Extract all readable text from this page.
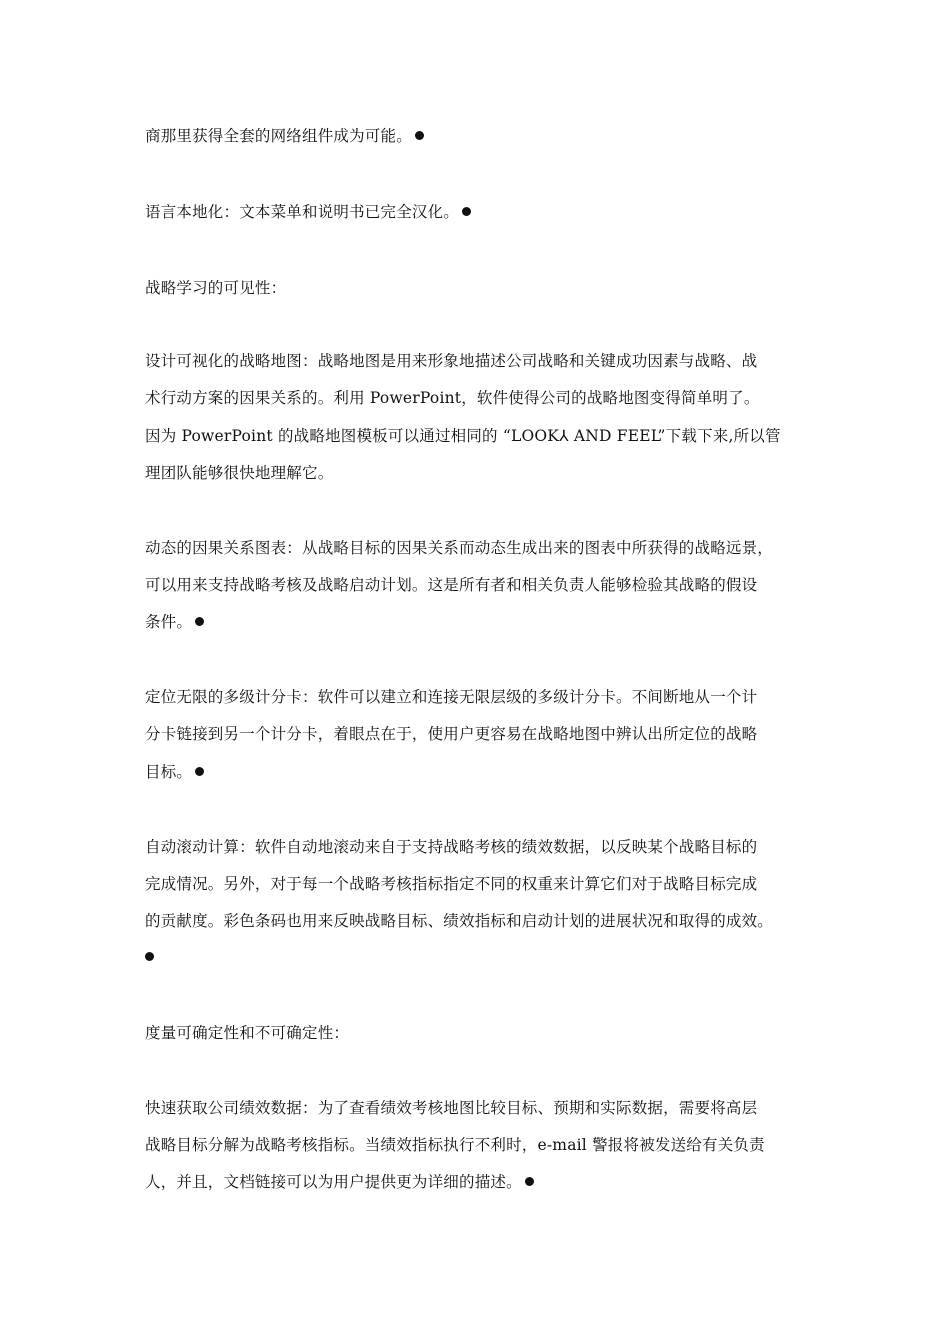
商那里获得全套的网络组件成为可能。
语言本地化：文本菜单和说明书已完全汉化。
战略学习的可见性：
设计可视化的战略地图：战略地图是用来形象地描述公司战略和关键成功因素与战略、战
术行动方案的因果关系的。利用 PowerPoint，软件使得公司的战略地图变得简单明了。
因为 PowerPoint 的战略地图模板可以通过相同的 “LOOK⅄ AND FEEL”下载下来,所以管
理团队能够很快地理解它。
动态的因果关系图表：从战略目标的因果关系而动态生成出来的图表中所获得的战略远景，
可以用来支持战略考核及战略启动计划。这是所有者和相关负责人能够检验其战略的假设
条件。
定位无限的多级计分卡：软件可以建立和连接无限层级的多级计分卡。不间断地从一个计
分卡链接到另一个计分卡，着眼点在于，使用户更容易在战略地图中辨认出所定位的战略
目标。
自动滚动计算：软件自动地滚动来自于支持战略考核的绩效数据，以反映某个战略目标的
完成情况。另外，对于每一个战略考核指标指定不同的权重来计算它们对于战略目标完成
的贡献度。彩色条码也用来反映战略目标、绩效指标和启动计划的进展状况和取得的成效。
度量可确定性和不可确定性：
快速获取公司绩效数据：为了查看绩效考核地图比较目标、预期和实际数据，需要将高层
战略目标分解为战略考核指标。当绩效指标执行不利时，e-mail 警报将被发送给有关负责
人，并且，文档链接可以为用户提供更为详细的描述。
